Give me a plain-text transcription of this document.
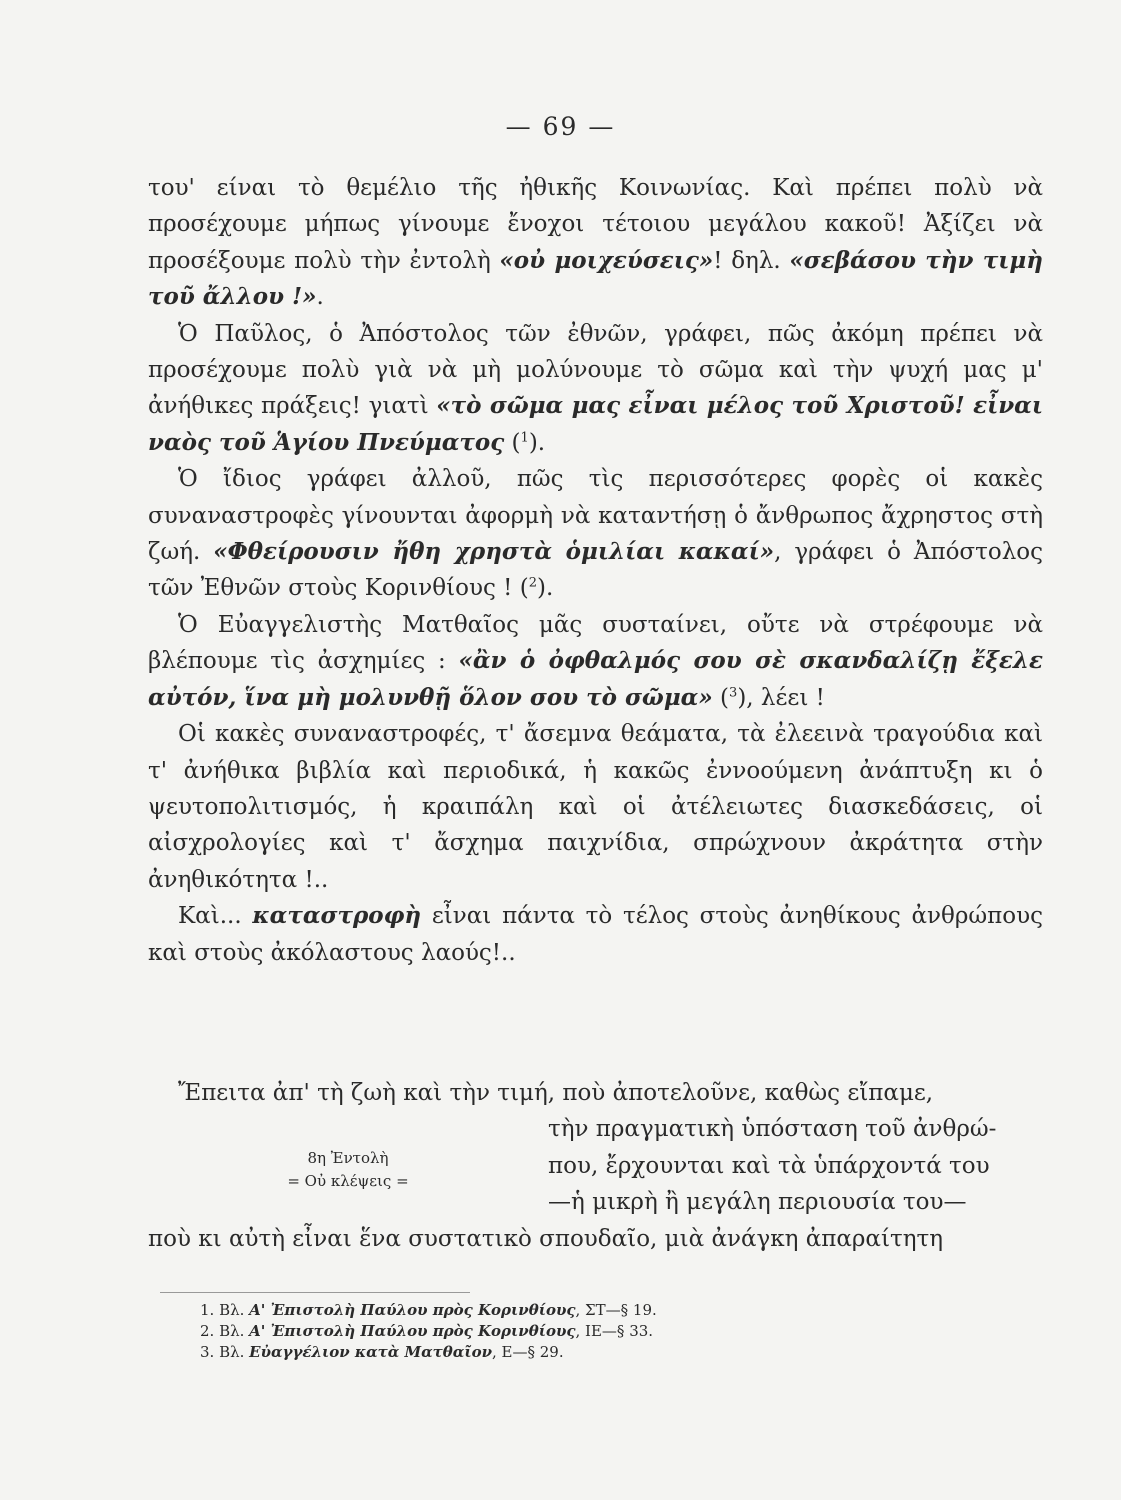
— 69 —

του' είναι τὸ θεμέλιο τῆς ἠθικῆς Κοινωνίας. Καὶ πρέπει πολὺ νὰ προσέχουμε μήπως γίνουμε ἔνοχοι τέτοιου μεγάλου κακοῦ! Ἀξίζει νὰ προσέξουμε πολὺ τὴν ἐντολὴ «οὐ μοιχεύσεις»! δηλ. «σεβάσου τὴν τιμὴ τοῦ ἄλλου !».

Ὁ Παῦλος, ὁ Ἀπόστολος τῶν ἐθνῶν, γράφει, πῶς ἀκόμη πρέπει νὰ προσέχουμε πολὺ γιὰ νὰ μὴ μολύνουμε τὸ σῶμα καὶ τὴν ψυχή μας μ' ἀνήθικες πράξεις! γιατὶ «τὸ σῶμα μας εἶναι μέλος τοῦ Χριστοῦ! εἶναι ναὸς τοῦ Ἁγίου Πνεύματος ($^1$).

Ὁ ἴδιος γράφει ἀλλοῦ, πῶς τὶς περισσότερες φορὲς οἱ κακὲς συναναστροφὲς γίνουνται ἀφορμὴ νὰ καταντήσῃ ὁ ἄνθρωπος ἄχρηστος στὴ ζωή. «Φθείρουσιν ἤθη χρηστὰ ὁμιλίαι κακαί», γράφει ὁ Ἀπόστολος τῶν Ἐθνῶν στοὺς Κορινθίους ! ($^2$).

Ὁ Εὐαγγελιστὴς Ματθαῖος μᾶς συσταίνει, οὔτε νὰ στρέφουμε νὰ βλέπουμε τὶς ἀσχημίες : «ἂν ὁ ὀφθαλμός σου σὲ σκανδαλίζῃ ἔξελε αὐτόν, ἵνα μὴ μολυνθῇ ὅλον σου τὸ σῶμα» ($^3$), λέει !

Οἱ κακὲς συναναστροφές, τ' ἄσεμνα θεάματα, τὰ ἐλεεινὰ τραγούδια καὶ τ' ἀνήθικα βιβλία καὶ περιοδικά, ἡ κακῶς ἐννοούμενη ἀνάπτυξη κι ὁ ψευτοπολιτισμός, ἡ κραιπάλη καὶ οἱ ἀτέλειωτες διασκεδάσεις, οἱ αἰσχρολογίες καὶ τ' ἄσχημα παιχνίδια, σπρώχνουν ἀκράτητα στὴν ἀνηθικότητα !..

Καὶ... καταστροφὴ εἶναι πάντα τὸ τέλος στοὺς ἀνηθίκους ἀνθρώπους καὶ στοὺς ἀκόλαστους λαούς!..

Ἔπειτα ἀπ' τὴ ζωὴ καὶ τὴν τιμή, ποὺ ἀποτελοῦνε, καθὼς εἴπαμε,

8η Ἐντολὴ
= Οὐ κλέψεις =

τὴν πραγματικὴ ὑπόσταση τοῦ ἀνθρώ-

που, ἔρχουνται καὶ τὰ ὑπάρχοντά του

—ἡ μικρὴ ἢ μεγάλη περιουσία του—

ποὺ κι αὐτὴ εἶναι ἕνα συστατικὸ σπουδαῖο, μιὰ ἀνάγκη ἀπαραίτητη

1. Βλ. Α' Ἐπιστολὴ Παύλου πρὸς Κορινθίους, ΣΤ—§ 19.

2. Βλ. Α' Ἐπιστολὴ Παύλου πρὸς Κορινθίους, ΙΕ—§ 33.

3. Βλ. Εὐαγγέλιον κατὰ Ματθαῖον, Ε—§ 29.
